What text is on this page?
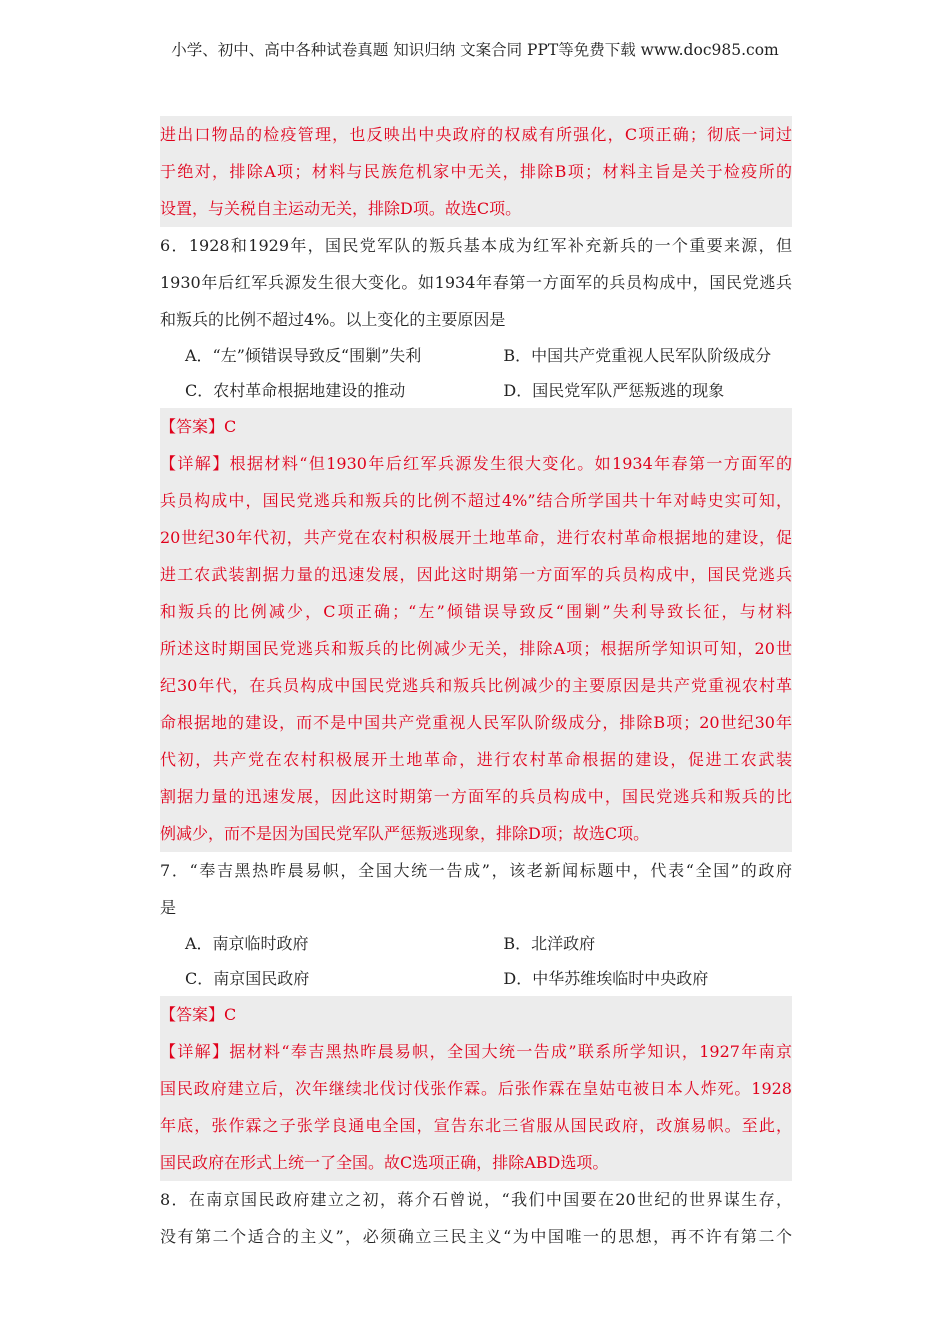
小学、初中、高中各种试卷真题 知识归纳 文案合同 PPT等免费下载 www.doc985.com
进出口物品的检疫管理，也反映出中央政府的权威有所强化，C项正确；彻底一词过
于绝对，排除A项；材料与民族危机家中无关，排除B项；材料主旨是关于检疫所的
设置，与关税自主运动无关，排除D项。故选C项。
6．1928和1929年，国民党军队的叛兵基本成为红军补充新兵的一个重要来源，但
1930年后红军兵源发生很大变化。如1934年春第一方面军的兵员构成中，国民党逃兵
和叛兵的比例不超过4%。以上变化的主要原因是
A．“左”倾错误导致反“围剿”失利	B．中国共产党重视人民军队阶级成分
C．农村革命根据地建设的推动	D．国民党军队严惩叛逃的现象
【答案】C
【详解】根据材料“但1930年后红军兵源发生很大变化。如1934年春第一方面军的
兵员构成中，国民党逃兵和叛兵的比例不超过4%”结合所学国共十年对峙史实可知，
20世纪30年代初，共产党在农村积极展开土地革命，进行农村革命根据地的建设，促
进工农武装割据力量的迅速发展，因此这时期第一方面军的兵员构成中，国民党逃兵
和叛兵的比例减少，C项正确；“左”倾错误导致反“围剿”失利导致长征，与材料
所述这时期国民党逃兵和叛兵的比例减少无关，排除A项；根据所学知识可知，20世
纪30年代，在兵员构成中国民党逃兵和叛兵比例减少的主要原因是共产党重视农村革
命根据地的建设，而不是中国共产党重视人民军队阶级成分，排除B项；20世纪30年
代初，共产党在农村积极展开土地革命，进行农村革命根据的建设，促进工农武装
割据力量的迅速发展，因此这时期第一方面军的兵员构成中，国民党逃兵和叛兵的比
例减少，而不是因为国民党军队严惩叛逃现象，排除D项；故选C项。
7．“奉吉黑热昨晨易帜，全国大统一告成”，该老新闻标题中，代表“全国”的政府
是
A．南京临时政府	B．北洋政府
C．南京国民政府	D．中华苏维埃临时中央政府
【答案】C
【详解】据材料“奉吉黑热昨晨易帜，全国大统一告成”联系所学知识，1927年南京
国民政府建立后，次年继续北伐讨伐张作霖。后张作霖在皇姑屯被日本人炸死。1928
年底，张作霖之子张学良通电全国，宣告东北三省服从国民政府，改旗易帜。至此，
国民政府在形式上统一了全国。故C选项正确，排除ABD选项。
8．在南京国民政府建立之初，蒋介石曾说，“我们中国要在20世纪的世界谋生存，
没有第二个适合的主义”，必须确立三民主义“为中国唯一的思想，再不许有第二个
